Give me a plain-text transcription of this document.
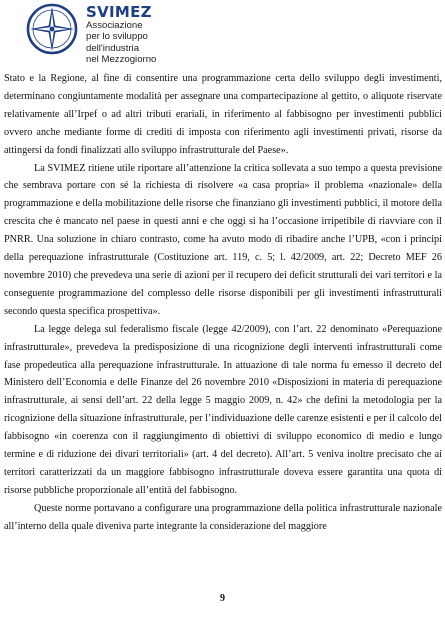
SVIMEZ
Associazione
per lo sviluppo
dell'industria
nel Mezzogiorno

Stato e la Regione, al fine di consentire una programmazione certa dello sviluppo degli investimenti, determinano congiuntamente modalità per assegnare una compartecipazione al gettito, o aliquote riservate relativamente all’Irpef o ad altri tributi erariali, in riferimento al fabbisogno per investimenti pubblici ovvero anche mediante forme di crediti di imposta con riferimento agli investimenti privati, risorse da attingersi da fondi finalizzati allo sviluppo infrastrutturale del Paese».

La SVIMEZ ritiene utile riportare all’attenzione la critica sollevata a suo tempo a questa previsione che sembrava portare con sé la richiesta di risolvere «a casa propria» il problema «nazionale» della programmazione e della mobilitazione delle risorse che finanziano gli investimenti pubblici, il motore della crescita che è mancato nel paese in questi anni e che oggi si ha l’occasione irripetibile di riavviare con il PNRR. Una soluzione in chiaro contrasto, come ha avuto modo di ribadire anche l’UPB, «con i principi della perequazione infrastrutturale (Costituzione art. 119, c. 5; l. 42/2009, art. 22; Decreto MEF 26 novembre 2010) che prevedeva una serie di azioni per il recupero dei deficit strutturali dei vari territori e la conseguente programmazione del complesso delle risorse disponibili per gli investimenti infrastrutturali secondo questa specifica prospettiva».

La legge delega sul federalismo fiscale (legge 42/2009), con l’art. 22 denominato «Perequazione infrastrutturale», prevedeva la predisposizione di una ricognizione degli interventi infrastrutturali come fase propedeutica alla perequazione infrastrutturale. In attuazione di tale norma fu emesso il decreto del Ministero dell’Economia e delle Finanze del 26 novembre 2010 «Disposizioni in materia di perequazione infrastrutturale, ai sensi dell’art. 22 della legge 5 maggio 2009, n. 42» che definì la metodologia per la ricognizione della situazione infrastrutturale, per l’individuazione delle carenze esistenti e per il calcolo del fabbisogno «in coerenza con il raggiungimento di obiettivi di sviluppo economico di medio e lungo termine e di riduzione dei divari territoriali» (art. 4 del decreto). All’art. 5 veniva inoltre precisato che ai territori caratterizzati da un maggiore fabbisogno infrastrutturale doveva essere garantita una quota di risorse pubbliche proporzionale all’entità del fabbisogno.

Queste norme portavano a configurare una programmazione della politica infrastrutturale nazionale all’interno della quale diveniva parte integrante la considerazione del maggiore

9
